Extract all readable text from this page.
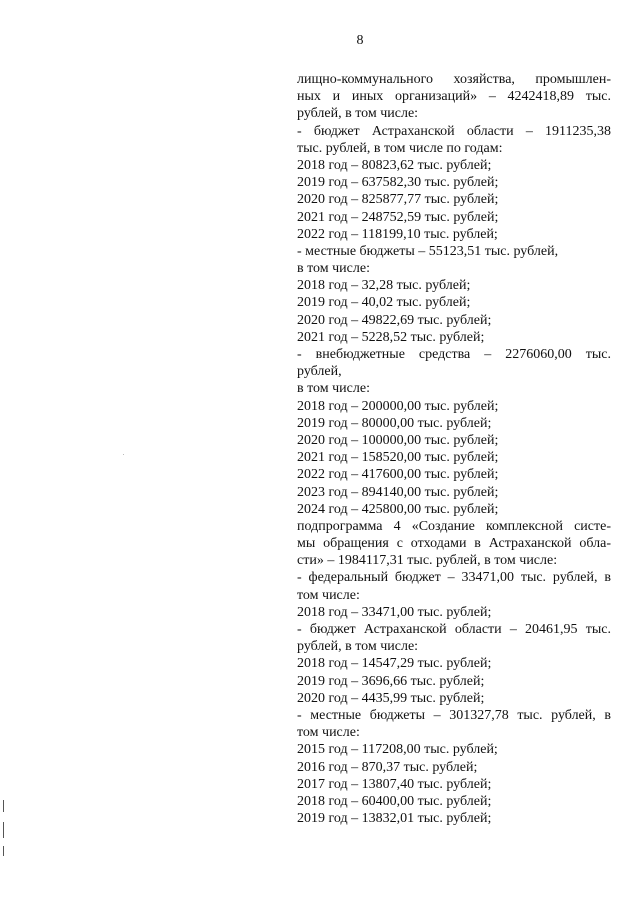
8
лищно-коммунального хозяйства, промышлен-
ных и иных организаций» – 4242418,89 тыс.
рублей, в том числе:
- бюджет Астраханской области – 1911235,38
тыс. рублей, в том числе по годам:
2018 год – 80823,62 тыс. рублей;
2019 год – 637582,30 тыс. рублей;
2020 год – 825877,77 тыс. рублей;
2021 год – 248752,59 тыс. рублей;
2022 год – 118199,10 тыс. рублей;
- местные бюджеты – 55123,51 тыс. рублей,
в том числе:
2018 год – 32,28 тыс. рублей;
2019 год – 40,02 тыс. рублей;
2020 год – 49822,69 тыс. рублей;
2021 год – 5228,52 тыс. рублей;
- внебюджетные средства – 2276060,00 тыс.
рублей,
в том числе:
2018 год – 200000,00 тыс. рублей;
2019 год – 80000,00 тыс. рублей;
2020 год – 100000,00 тыс. рублей;
2021 год – 158520,00 тыс. рублей;
2022 год – 417600,00 тыс. рублей;
2023 год – 894140,00 тыс. рублей;
2024 год – 425800,00 тыс. рублей;
подпрограмма 4 «Создание комплексной систе-
мы обращения с отходами в Астраханской обла-
сти» – 1984117,31 тыс. рублей, в том числе:
- федеральный бюджет – 33471,00 тыс. рублей, в
том числе:
2018 год – 33471,00 тыс. рублей;
- бюджет Астраханской области – 20461,95 тыс.
рублей, в том числе:
2018 год – 14547,29 тыс. рублей;
2019 год – 3696,66 тыс. рублей;
2020 год – 4435,99 тыс. рублей;
- местные бюджеты – 301327,78 тыс. рублей, в
том числе:
2015 год – 117208,00 тыс. рублей;
2016 год – 870,37 тыс. рублей;
2017 год – 13807,40 тыс. рублей;
2018 год – 60400,00 тыс. рублей;
2019 год – 13832,01 тыс. рублей;
